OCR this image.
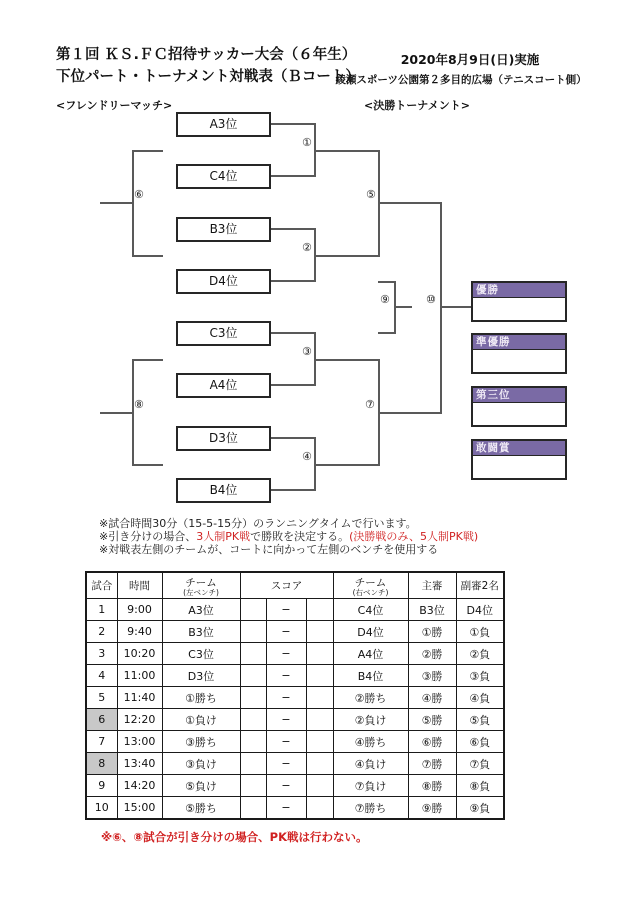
第１回 ＫＳ.ＦＣ招待サッカー大会（６年生）
下位パート・トーナメント対戦表（Ｂコート）
2020年8月9日(日)実施
綾瀬スポーツ公園第２多目的広場（テニスコート側）
<フレンドリーマッチ>	<決勝トーナメント>
A3位
C4位
B3位
D4位
C3位
A4位
D3位
B4位
①
②
③
④
⑤
⑥
⑦
⑧
⑨	⑩
優勝
準優勝
第三位
敢闘賞
※試合時間30分（15-5-15分）のランニングタイムで行います。
※引き分けの場合、3人制PK戦で勝敗を決定する。(決勝戦のみ、5人制PK戦)
※対戦表左側のチームが、コートに向かって左側のベンチを使用する
試合	時間	チーム
(左ベンチ)	スコア			チーム
(右ベンチ)	主審	副審2名
1	9:00	A3位		−		C4位	B3位	D4位
2	9:40	B3位		−		D4位	①勝	①負
3	10:20	C3位		−		A4位	②勝	②負
4	11:00	D3位		−		B4位	③勝	③負
5	11:40	①勝ち		−		②勝ち	④勝	④負
6	12:20	①負け		−		②負け	⑤勝	⑤負
7	13:00	③勝ち		−		④勝ち	⑥勝	⑥負
8	13:40	③負け		−		④負け	⑦勝	⑦負
9	14:20	⑤負け		−		⑦負け	⑧勝	⑧負
10	15:00	⑤勝ち		−		⑦勝ち	⑨勝	⑨負
※⑥、⑧試合が引き分けの場合、PK戦は行わない。
